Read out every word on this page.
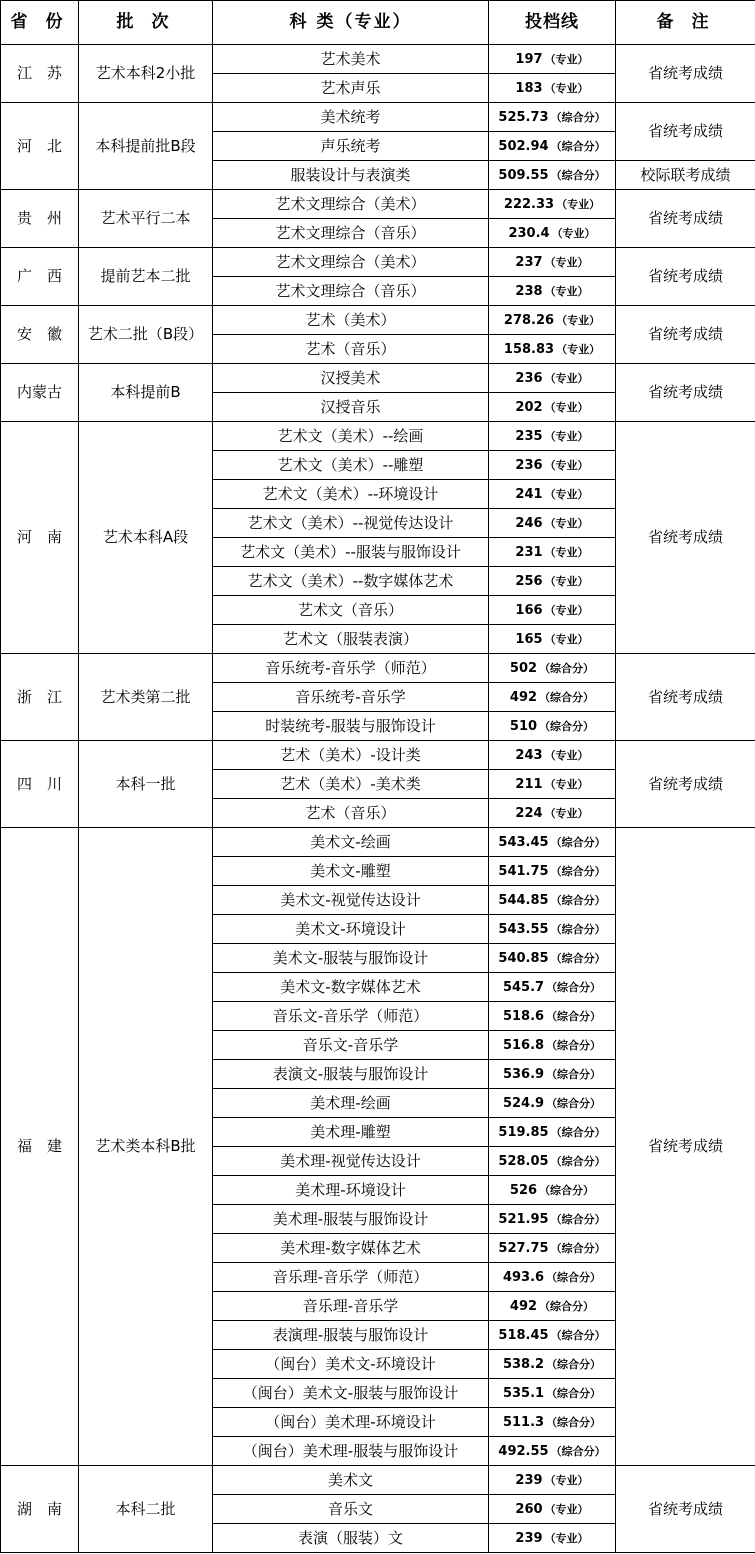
省 份	批 次	科 类（专业）	投档线	备 注
江　苏	艺术本科2小批	艺术美术	197 （专业）	省统考成绩
		艺术声乐	183 （专业）	
河　北	本科提前批B段	美术统考	525.73 （综合分）	省统考成绩
		声乐统考	502.94 （综合分）	
		服装设计与表演类	509.55 （综合分）	校际联考成绩
贵　州	艺术平行二本	艺术文理综合（美术）	222.33 （专业）	省统考成绩
		艺术文理综合（音乐）	230.4 （专业）	
广　西	提前艺本二批	艺术文理综合（美术）	237 （专业）	省统考成绩
		艺术文理综合（音乐）	238 （专业）	
安　徽	艺术二批（B段）	艺术（美术）	278.26 （专业）	省统考成绩
		艺术（音乐）	158.83 （专业）	
内蒙古	本科提前B	汉授美术	236 （专业）	省统考成绩
		汉授音乐	202 （专业）	
河　南	艺术本科A段	艺术文（美术）--绘画	235 （专业）	省统考成绩
		艺术文（美术）--雕塑	236 （专业）	
		艺术文（美术）--环境设计	241 （专业）	
		艺术文（美术）--视觉传达设计	246 （专业）	
		艺术文（美术）--服装与服饰设计	231 （专业）	
		艺术文（美术）--数字媒体艺术	256 （专业）	
		艺术文（音乐）	166 （专业）	
		艺术文（服装表演）	165 （专业）	
浙　江	艺术类第二批	音乐统考-音乐学（师范）	502 （综合分）	省统考成绩
		音乐统考-音乐学	492 （综合分）	
		时装统考-服装与服饰设计	510 （综合分）	
四　川	本科一批	艺术（美术）-设计类	243 （专业）	省统考成绩
		艺术（美术）-美术类	211 （专业）	
		艺术（音乐）	224 （专业）	
福　建	艺术类本科B批	美术文-绘画	543.45 （综合分）	省统考成绩
		美术文-雕塑	541.75 （综合分）	
		美术文-视觉传达设计	544.85 （综合分）	
		美术文-环境设计	543.55 （综合分）	
		美术文-服装与服饰设计	540.85 （综合分）	
		美术文-数字媒体艺术	545.7 （综合分）	
		音乐文-音乐学（师范）	518.6 （综合分）	
		音乐文-音乐学	516.8 （综合分）	
		表演文-服装与服饰设计	536.9 （综合分）	
		美术理-绘画	524.9 （综合分）	
		美术理-雕塑	519.85 （综合分）	
		美术理-视觉传达设计	528.05 （综合分）	
		美术理-环境设计	526 （综合分）	
		美术理-服装与服饰设计	521.95 （综合分）	
		美术理-数字媒体艺术	527.75 （综合分）	
		音乐理-音乐学（师范）	493.6 （综合分）	
		音乐理-音乐学	492 （综合分）	
		表演理-服装与服饰设计	518.45 （综合分）	
		（闽台）美术文-环境设计	538.2 （综合分）	
		（闽台）美术文-服装与服饰设计	535.1 （综合分）	
		（闽台）美术理-环境设计	511.3 （综合分）	
		（闽台）美术理-服装与服饰设计	492.55 （综合分）	
湖　南	本科二批	美术文	239 （专业）	省统考成绩
		音乐文	260 （专业）	
		表演（服装）文	239 （专业）	
